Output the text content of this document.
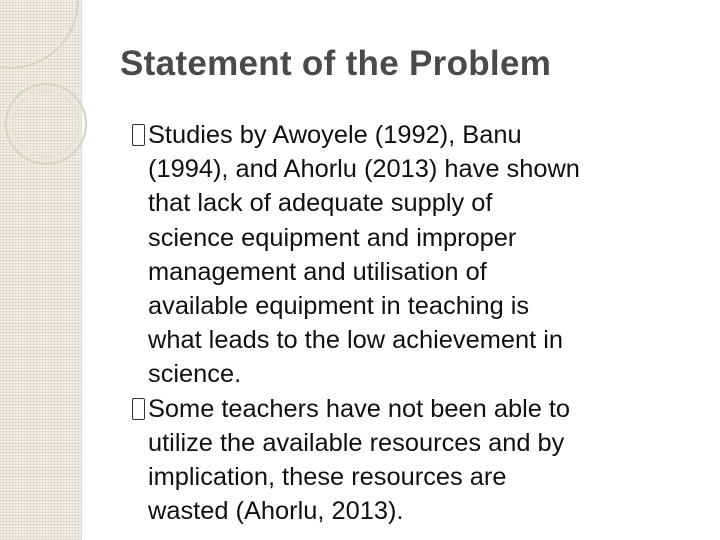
Statement of the Problem
Studies by Awoyele (1992), Banu
(1994), and Ahorlu (2013) have shown
that lack of adequate supply of
science equipment and improper
management and utilisation of
available equipment in teaching is
what leads to the low achievement in
science.
Some teachers have not been able to
utilize the available resources and by
implication, these resources are
wasted (Ahorlu, 2013).
